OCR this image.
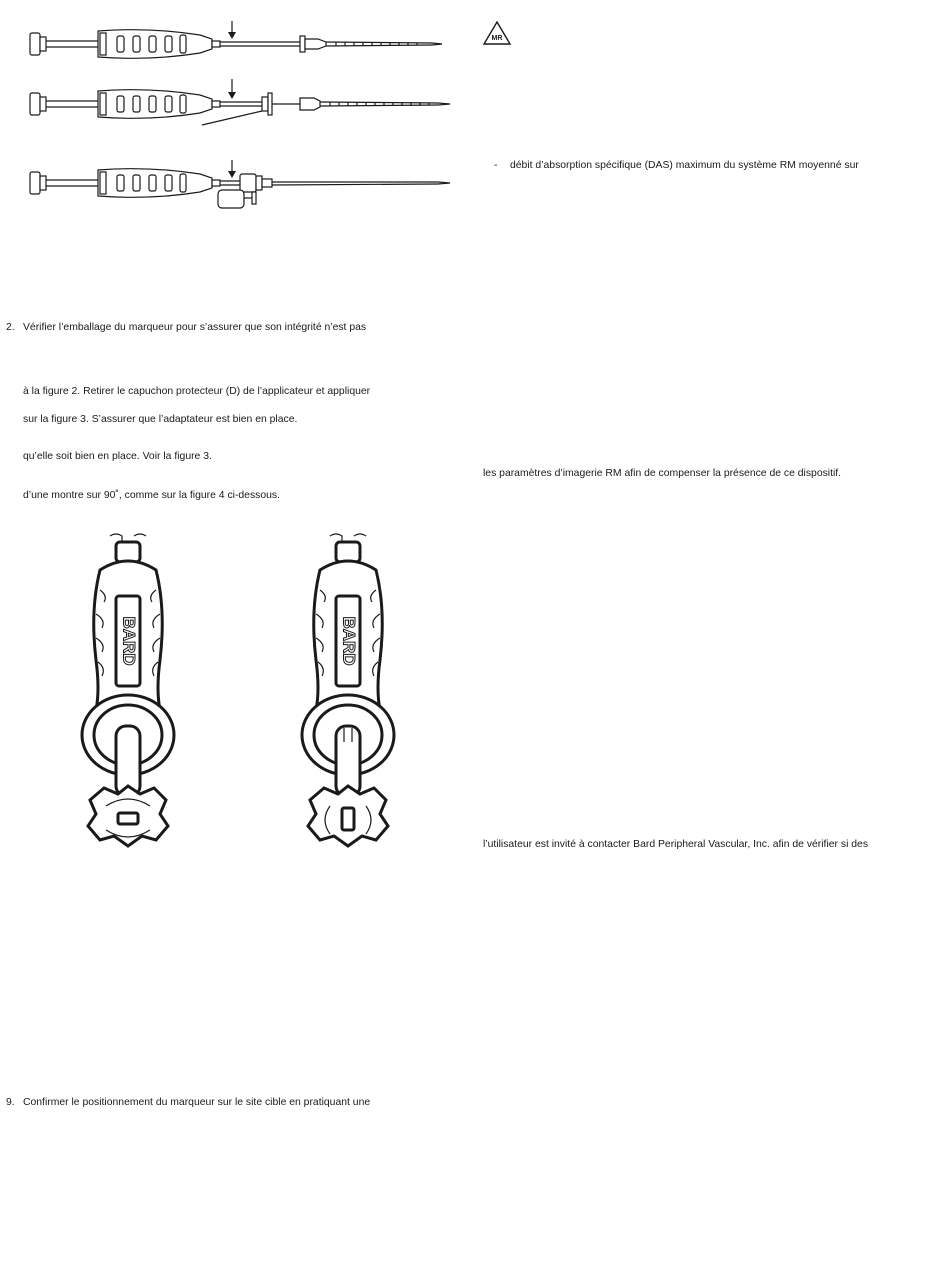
MR
2. Vérifier l’emballage du marqueur pour s’assurer que son intégrité n’est pas
à la figure 2. Retirer le capuchon protecteur (D) de l’applicateur et appliquer
sur la figure 3. S’assurer que l’adaptateur est bien en place.
qu’elle soit bien en place. Voir la figure 3.
d’une montre sur 90˚, comme sur la figure 4 ci-dessous.
9. Confirmer le positionnement du marqueur sur le site cible en pratiquant une
- débit d’absorption spécifique (DAS) maximum du système RM moyenné sur
les paramètres d’imagerie RM afin de compenser la présence de ce dispositif.
l’utilisateur est invité à contacter Bard Peripheral Vascular, Inc. afin de vérifier si des
BARD	BARD
